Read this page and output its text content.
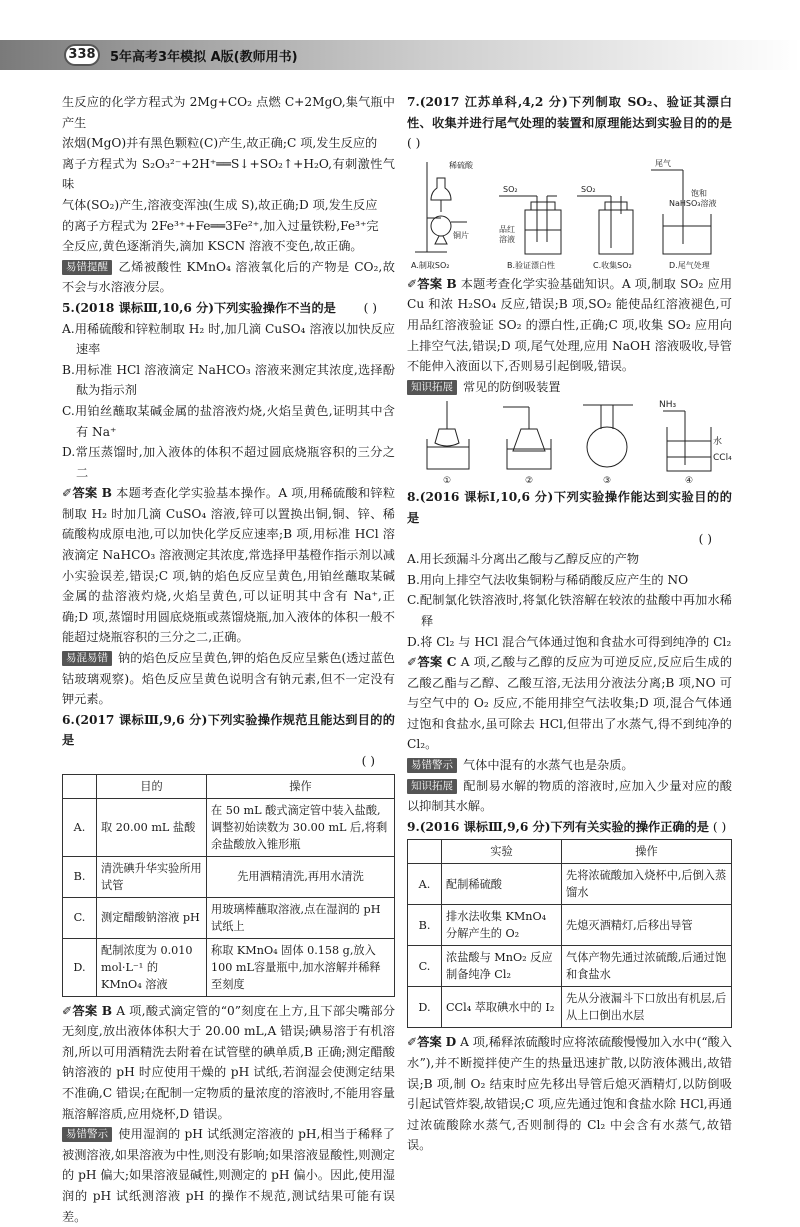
338	5年高考3年模拟 A版(教师用书)

生反应的化学方程式为 2Mg+CO₂ 点燃 C+2MgO,集气瓶中产生

浓烟(MgO)并有黑色颗粒(C)产生,故正确;C 项,发生反应的

离子方程式为 S₂O₃²⁻+2H⁺══S↓+SO₂↑+H₂O,有刺激性气味

气体(SO₂)产生,溶液变浑浊(生成 S),故正确;D 项,发生反应

的离子方程式为 2Fe³⁺+Fe══3Fe²⁺,加入过量铁粉,Fe³⁺完

全反应,黄色逐渐消失,滴加 KSCN 溶液不变色,故正确。

易错提醒 乙烯被酸性 KMnO₄ 溶液氧化后的产物是 CO₂,故不会与水溶液分层。

5.(2018 课标Ⅲ,10,6 分)下列实验操作不当的是 ( )

A.用稀硫酸和锌粒制取 H₂ 时,加几滴 CuSO₄ 溶液以加快反应速率

B.用标准 HCl 溶液滴定 NaHCO₃ 溶液来测定其浓度,选择酚酞为指示剂

C.用铂丝蘸取某碱金属的盐溶液灼烧,火焰呈黄色,证明其中含有 Na⁺

D.常压蒸馏时,加入液体的体积不超过圆底烧瓶容积的三分之二

✐答案 B 本题考查化学实验基本操作。A 项,用稀硫酸和锌粒制取 H₂ 时加几滴 CuSO₄ 溶液,锌可以置换出铜,铜、锌、稀硫酸构成原电池,可以加快化学反应速率;B 项,用标准 HCl 溶液滴定 NaHCO₃ 溶液测定其浓度,常选择甲基橙作指示剂以减小实验误差,错误;C 项,钠的焰色反应呈黄色,用铂丝蘸取某碱金属的盐溶液灼烧,火焰呈黄色,可以证明其中含有 Na⁺,正确;D 项,蒸馏时用圆底烧瓶或蒸馏烧瓶,加入液体的体积一般不能超过烧瓶容积的三分之二,正确。

易混易错 钠的焰色反应呈黄色,钾的焰色反应呈紫色(透过蓝色钴玻璃观察)。焰色反应呈黄色说明含有钠元素,但不一定没有钾元素。

6.(2017 课标Ⅲ,9,6 分)下列实验操作规范且能达到目的的是

( )

	目的	操作
A.	取 20.00 mL 盐酸	在 50 mL 酸式滴定管中装入盐酸,调整初始读数为 30.00 mL 后,将剩余盐酸放入锥形瓶
B.	清洗碘升华实验所用试管	先用酒精清洗,再用水清洗
C.	测定醋酸钠溶液 pH	用玻璃棒蘸取溶液,点在湿润的 pH 试纸上
D.	配制浓度为 0.010 mol·L⁻¹ 的 KMnO₄ 溶液	称取 KMnO₄ 固体 0.158 g,放入 100 mL容量瓶中,加水溶解并稀释至刻度

✐答案 B A 项,酸式滴定管的“0”刻度在上方,且下部尖嘴部分无刻度,放出液体体积大于 20.00 mL,A 错误;碘易溶于有机溶剂,所以可用酒精洗去附着在试管壁的碘单质,B 正确;测定醋酸钠溶液的 pH 时应使用干燥的 pH 试纸,若润湿会使测定结果不准确,C 错误;在配制一定物质的量浓度的溶液时,不能用容量瓶溶解溶质,应用烧杯,D 错误。

易错警示 使用湿润的 pH 试纸测定溶液的 pH,相当于稀释了被测溶液,如果溶液为中性,则没有影响;如果溶液显酸性,则测定的 pH 偏大;如果溶液显碱性,则测定的 pH 偏小。因此,使用湿润的 pH 试纸测溶液 pH 的操作不规范,测试结果可能有误差。

7.(2017 江苏单科,4,2 分)下列制取 SO₂、验证其漂白性、收集并进行尾气处理的装置和原理能达到实验目的的是 ( )

稀硫酸
铜片
A.制取SO₂
SO₂
品红
溶液
B.验证漂白性
SO₂
C.收集SO₂
尾气
饱和
NaHSO₃溶液
D.尾气处理

✐答案 B 本题考查化学实验基础知识。A 项,制取 SO₂ 应用 Cu 和浓 H₂SO₄ 反应,错误;B 项,SO₂ 能使品红溶液褪色,可用品红溶液验证 SO₂ 的漂白性,正确;C 项,收集 SO₂ 应用向上排空气法,错误;D 项,尾气处理,应用 NaOH 溶液吸收,导管不能伸入液面以下,否则易引起倒吸,错误。

知识拓展 常见的防倒吸装置

NH₃
水
CCl₄
①	②	③	④

8.(2016 课标Ⅰ,10,6 分)下列实验操作能达到实验目的的是

( )

A.用长颈漏斗分离出乙酸与乙醇反应的产物

B.用向上排空气法收集铜粉与稀硝酸反应产生的 NO

C.配制氯化铁溶液时,将氯化铁溶解在较浓的盐酸中再加水稀释

D.将 Cl₂ 与 HCl 混合气体通过饱和食盐水可得到纯净的 Cl₂

✐答案 C A 项,乙酸与乙醇的反应为可逆反应,反应后生成的乙酸乙酯与乙醇、乙酸互溶,无法用分液法分离;B 项,NO 可与空气中的 O₂ 反应,不能用排空气法收集;D 项,混合气体通过饱和食盐水,虽可除去 HCl,但带出了水蒸气,得不到纯净的 Cl₂。

易错警示 气体中混有的水蒸气也是杂质。

知识拓展 配制易水解的物质的溶液时,应加入少量对应的酸以抑制其水解。

9.(2016 课标Ⅲ,9,6 分)下列有关实验的操作正确的是 ( )

	实验	操作
A.	配制稀硫酸	先将浓硫酸加入烧杯中,后倒入蒸馏水
B.	排水法收集 KMnO₄ 分解产生的 O₂	先熄灭酒精灯,后移出导管
C.	浓盐酸与 MnO₂ 反应制备纯净 Cl₂	气体产物先通过浓硫酸,后通过饱和食盐水
D.	CCl₄ 萃取碘水中的 I₂	先从分液漏斗下口放出有机层,后从上口倒出水层

✐答案 D A 项,稀释浓硫酸时应将浓硫酸慢慢加入水中(“酸入水”),并不断搅拌使产生的热量迅速扩散,以防液体溅出,故错误;B 项,制 O₂ 结束时应先移出导管后熄灭酒精灯,以防倒吸引起试管炸裂,故错误;C 项,应先通过饱和食盐水除 HCl,再通过浓硫酸除水蒸气,否则制得的 Cl₂ 中会含有水蒸气,故错误。
